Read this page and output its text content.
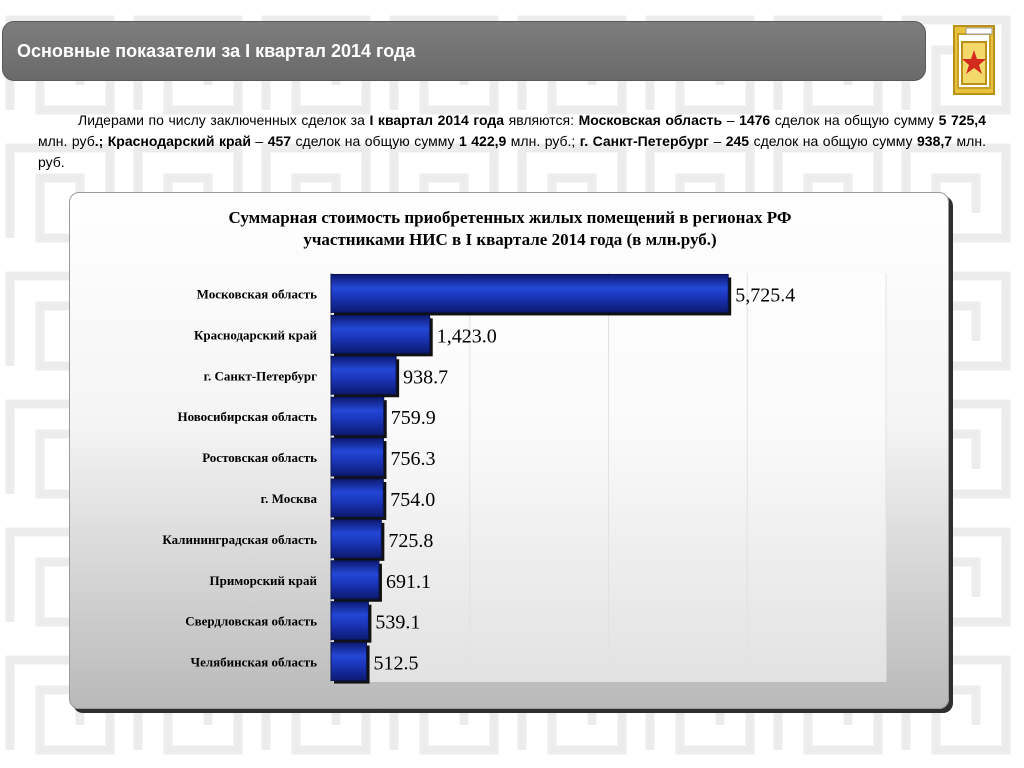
Основные показатели за I квартал 2014 года
Лидерами по числу заключенных сделок за I квартал 2014 года являются: Московская область – 1476 сделок на общую сумму 5 725,4 млн. руб.; Краснодарский край – 457 сделок на общую сумму 1 422,9 млн. руб.; г. Санкт-Петербург – 245 сделок на общую сумму 938,7 млн. руб.
Суммарная стоимость приобретенных жилых помещений в регионах РФ
участниками НИС в I квартале 2014 года (в млн.руб.)
Московская область	5,725.4
Краснодарский край	1,423.0
г. Санкт-Петербург	938.7
Новосибирская область	759.9
Ростовская область	756.3
г. Москва	754.0
Калининградская область	725.8
Приморский край	691.1
Свердловская область	539.1
Челябинская область	512.5
